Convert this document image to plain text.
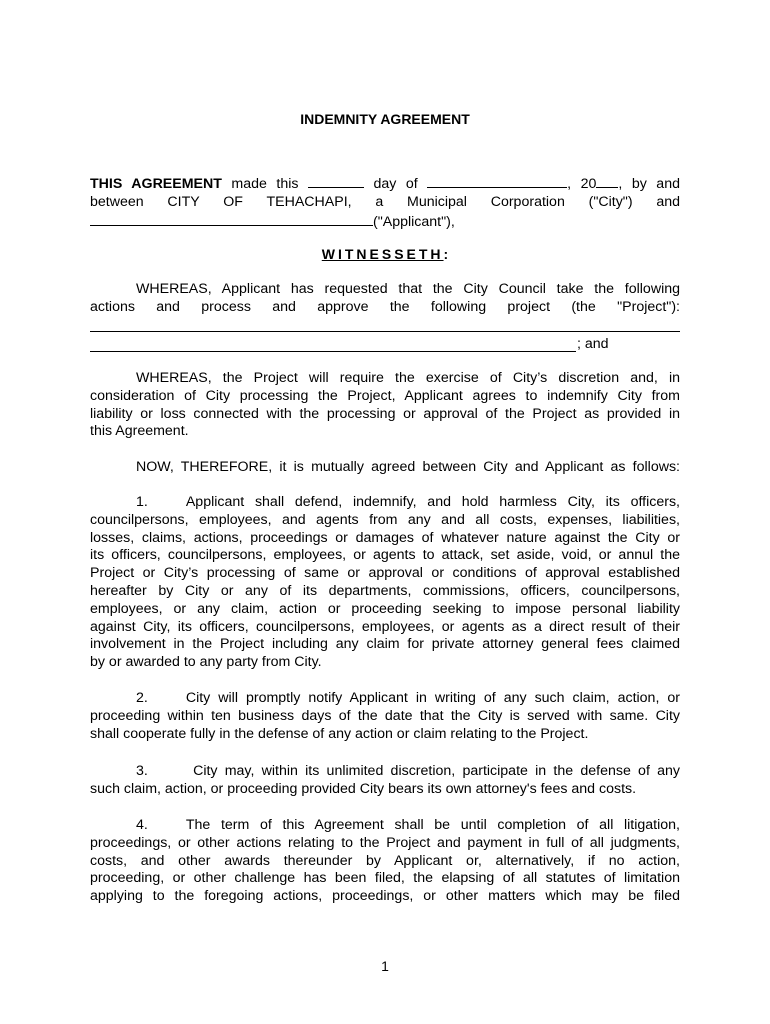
INDEMNITY AGREEMENT
THIS AGREEMENT made this	day of	, 20 , by and
between CITY OF TEHACHAPI, a Municipal Corporation ("City") and
("Applicant"),
WITNESSETH:
WHEREAS, Applicant has requested that the City Council take the following
actions and process and approve the following project (the "Project"):
; and
WHEREAS, the Project will require the exercise of City’s discretion and, in
consideration of City processing the Project, Applicant agrees to indemnify City from
liability or loss connected with the processing or approval of the Project as provided in
this Agreement.
NOW, THEREFORE, it is mutually agreed between City and Applicant as follows:
1.	Applicant shall defend, indemnify, and hold harmless City, its officers,
councilpersons, employees, and agents from any and all costs, expenses, liabilities,
losses, claims, actions, proceedings or damages of whatever nature against the City or
its officers, councilpersons, employees, or agents to attack, set aside, void, or annul the
Project or City’s processing of same or approval or conditions of approval established
hereafter by City or any of its departments, commissions, officers, councilpersons,
employees, or any claim, action or proceeding seeking to impose personal liability
against City, its officers, councilpersons, employees, or agents as a direct result of their
involvement in the Project including any claim for private attorney general fees claimed
by or awarded to any party from City.
2.	City will promptly notify Applicant in writing of any such claim, action, or
proceeding within ten business days of the date that the City is served with same. City
shall cooperate fully in the defense of any action or claim relating to the Project.
3.	City may, within its unlimited discretion, participate in the defense of any
such claim, action, or proceeding provided City bears its own attorney's fees and costs.
4.	The term of this Agreement shall be until completion of all litigation,
proceedings, or other actions relating to the Project and payment in full of all judgments,
costs, and other awards thereunder by Applicant or, alternatively, if no action,
proceeding, or other challenge has been filed, the elapsing of all statutes of limitation
applying to the foregoing actions, proceedings, or other matters which may be filed
1
